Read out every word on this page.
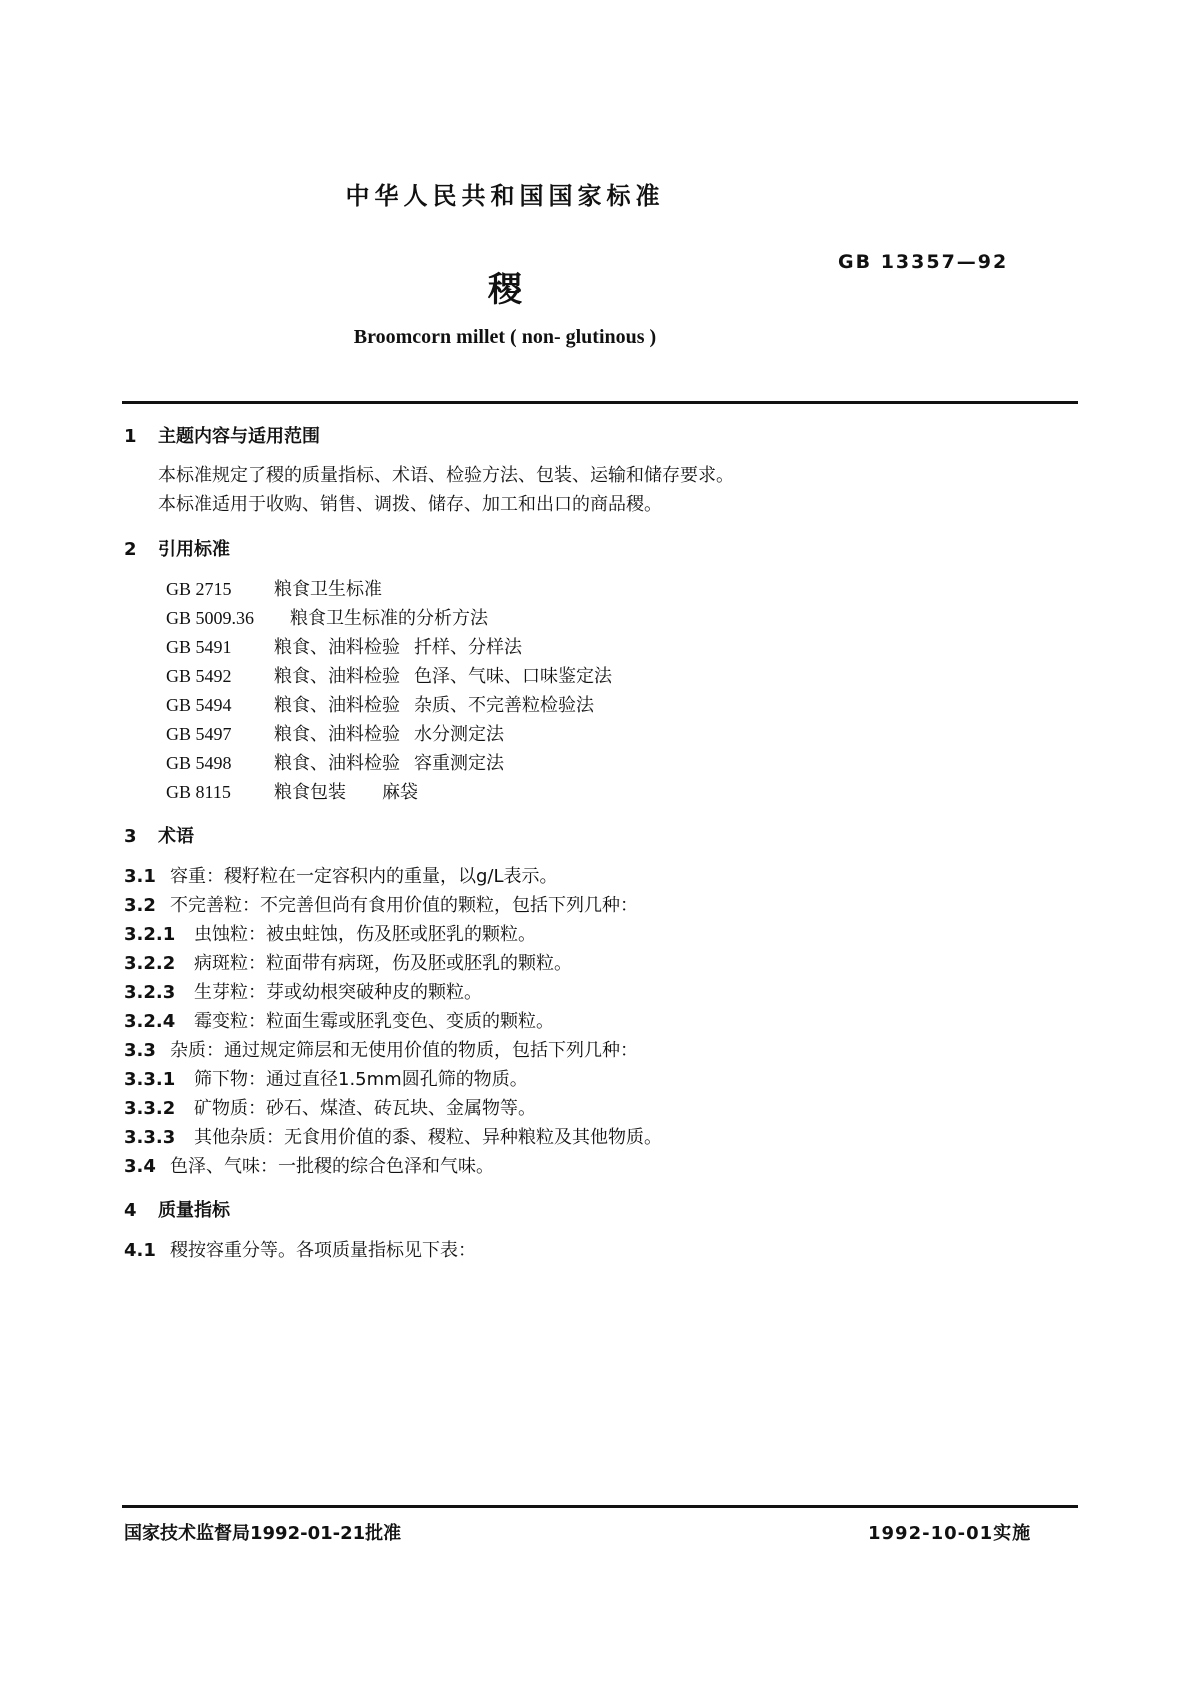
中华人民共和国国家标准
GB 13357—92
稷
Broomcorn millet ( non- glutinous )
1 主题内容与适用范围
本标准规定了稷的质量指标、术语、检验方法、包装、运输和储存要求。
本标准适用于收购、销售、调拨、储存、加工和出口的商品稷。
2 引用标准
GB 2715 粮食卫生标准
GB 5009.36 粮食卫生标准的分析方法
GB 5491 粮食、油料检验 扦样、分样法
GB 5492 粮食、油料检验 色泽、气味、口味鉴定法
GB 5494 粮食、油料检验 杂质、不完善粒检验法
GB 5497 粮食、油料检验 水分测定法
GB 5498 粮食、油料检验 容重测定法
GB 8115 粮食包装 麻袋
3 术语
3.1 容重：稷籽粒在一定容积内的重量，以g/L表示。
3.2 不完善粒：不完善但尚有食用价值的颗粒，包括下列几种：
3.2.1 虫蚀粒：被虫蛀蚀，伤及胚或胚乳的颗粒。
3.2.2 病斑粒：粒面带有病斑，伤及胚或胚乳的颗粒。
3.2.3 生芽粒：芽或幼根突破种皮的颗粒。
3.2.4 霉变粒：粒面生霉或胚乳变色、变质的颗粒。
3.3 杂质：通过规定筛层和无使用价值的物质，包括下列几种：
3.3.1 筛下物：通过直径1.5mm圆孔筛的物质。
3.3.2 矿物质：砂石、煤渣、砖瓦块、金属物等。
3.3.3 其他杂质：无食用价值的黍、稷粒、异种粮粒及其他物质。
3.4 色泽、气味：一批稷的综合色泽和气味。
4 质量指标
4.1 稷按容重分等。各项质量指标见下表：
国家技术监督局1992-01-21批准	1992-10-01实施
